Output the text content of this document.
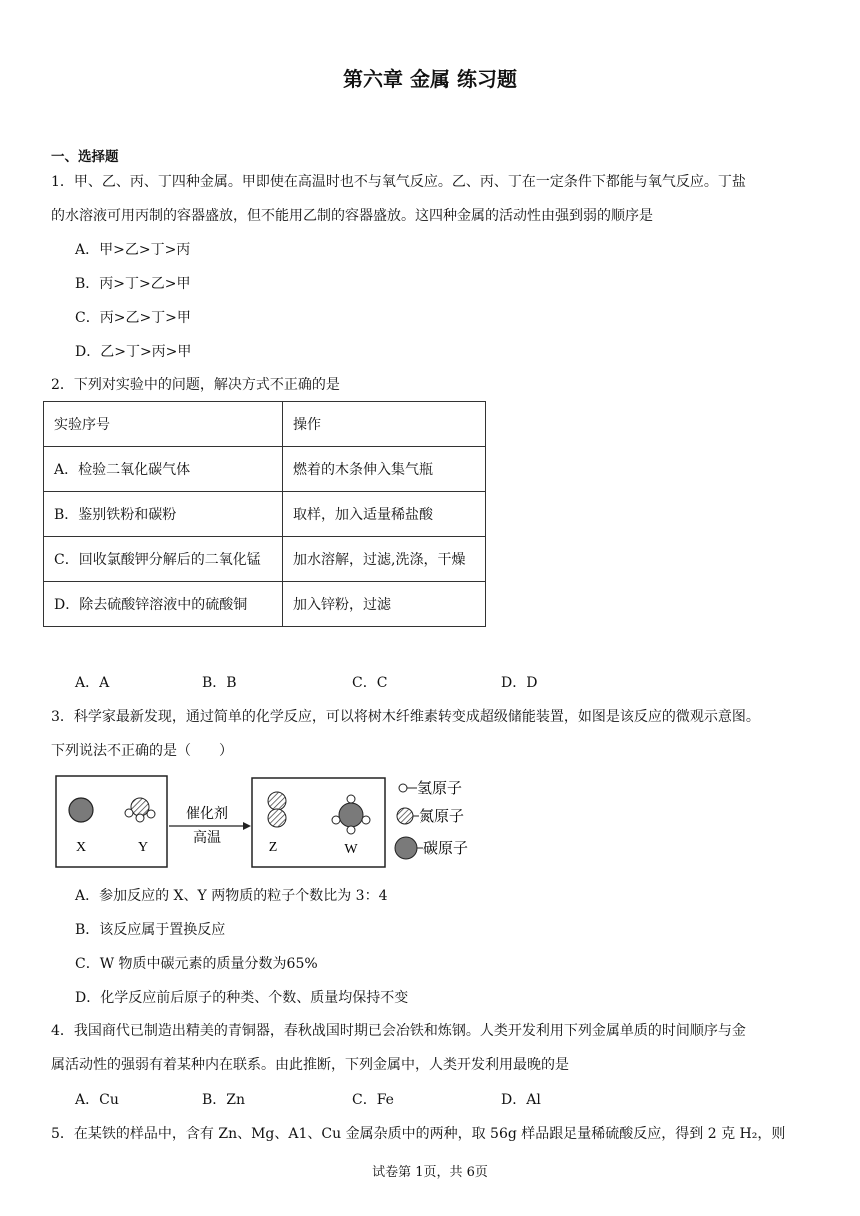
第六章 金属 练习题
一、选择题
1．甲、乙、丙、丁四种金属。甲即使在高温时也不与氧气反应。乙、丙、丁在一定条件下都能与氧气反应。丁盐
的水溶液可用丙制的容器盛放，但不能用乙制的容器盛放。这四种金属的活动性由强到弱的顺序是
A．甲>乙>丁>丙
B．丙>丁>乙>甲
C．丙>乙>丁>甲
D．乙>丁>丙>甲
2．下列对实验中的问题，解决方式不正确的是
实验序号	操作
A．检验二氧化碳气体	燃着的木条伸入集气瓶
B．鉴别铁粉和碳粉	取样，加入适量稀盐酸
C．回收氯酸钾分解后的二氧化锰	加水溶解，过滤,洗涤，干燥
D．除去硫酸锌溶液中的硫酸铜	加入锌粉，过滤
A．A	B．B	C．C	D．D
3．科学家最新发现，通过简单的化学反应，可以将树木纤维素转变成超级储能装置，如图是该反应的微观示意图。
下列说法不正确的是（　　）
X	Y
催化剂
高温
Z	W
氢原子
氮原子
碳原子
A．参加反应的 X、Y 两物质的粒子个数比为 3：4
B．该反应属于置换反应
C．W 物质中碳元素的质量分数为65%
D．化学反应前后原子的种类、个数、质量均保持不变
4．我国商代已制造出精美的青铜器，春秋战国时期已会冶铁和炼钢。人类开发利用下列金属单质的时间顺序与金
属活动性的强弱有着某种内在联系。由此推断，下列金属中，人类开发利用最晚的是
A．Cu	B．Zn	C．Fe	D．Al
5．在某铁的样品中，含有 Zn、Mg、A1、Cu 金属杂质中的两种，取 56g 样品跟足量稀硫酸反应，得到 2 克 H₂，则
试卷第 1页，共 6页
